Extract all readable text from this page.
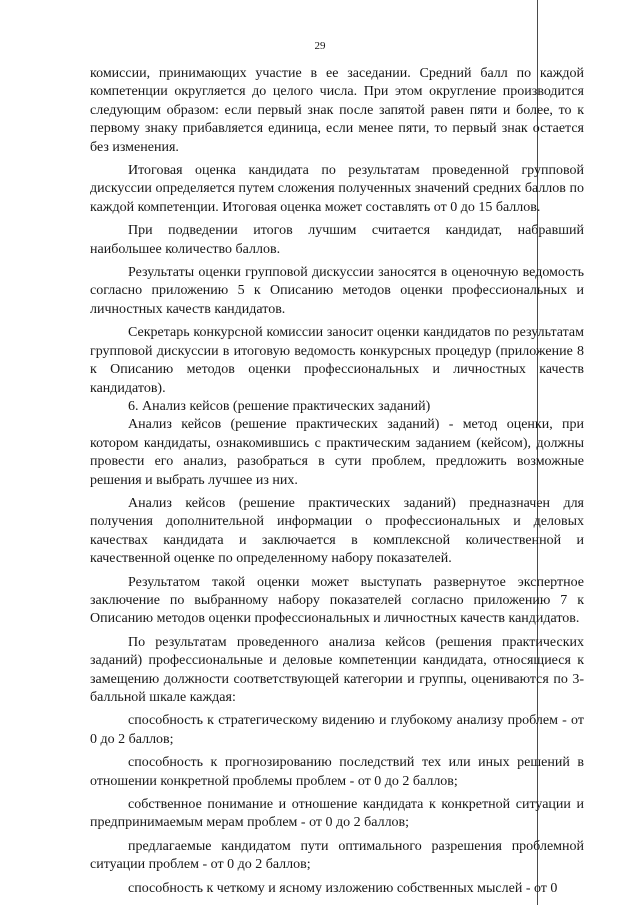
29

комиссии, принимающих участие в ее заседании. Средний балл по каждой компетенции округляется до целого числа. При этом округление производится следующим образом: если первый знак после запятой равен пяти и более, то к первому знаку прибавляется единица, если менее пяти, то первый знак остается без изменения.

Итоговая оценка кандидата по результатам проведенной групповой дискуссии определяется путем сложения полученных значений средних баллов по каждой компетенции. Итоговая оценка может составлять от 0 до 15 баллов.

При подведении итогов лучшим считается кандидат, набравший наибольшее количество баллов.

Результаты оценки групповой дискуссии заносятся в оценочную ведомость согласно приложению 5 к Описанию методов оценки профессиональных и личностных качеств кандидатов.

Секретарь конкурсной комиссии заносит оценки кандидатов по результатам групповой дискуссии в итоговую ведомость конкурсных процедур (приложение 8 к Описанию методов оценки профессиональных и личностных качеств кандидатов).

6. Анализ кейсов (решение практических заданий)

Анализ кейсов (решение практических заданий) - метод оценки, при котором кандидаты, ознакомившись с практическим заданием (кейсом), должны провести его анализ, разобраться в сути проблем, предложить возможные решения и выбрать лучшее из них.

Анализ кейсов (решение практических заданий) предназначен для получения дополнительной информации о профессиональных и деловых качествах кандидата и заключается в комплексной количественной и качественной оценке по определенному набору показателей.

Результатом такой оценки может выступать развернутое экспертное заключение по выбранному набору показателей согласно приложению 7 к Описанию методов оценки профессиональных и личностных качеств кандидатов.

По результатам проведенного анализа кейсов (решения практических заданий) профессиональные и деловые компетенции кандидата, относящиеся к замещению должности соответствующей категории и группы, оцениваются по 3-балльной шкале каждая:

способность к стратегическому видению и глубокому анализу проблем - от 0 до 2 баллов;

способность к прогнозированию последствий тех или иных решений в отношении конкретной проблемы проблем - от 0 до 2 баллов;

собственное понимание и отношение кандидата к конкретной ситуации и предпринимаемым мерам проблем - от 0 до 2 баллов;

предлагаемые кандидатом пути оптимального разрешения проблемной ситуации проблем - от 0 до 2 баллов;

способность к четкому и ясному изложению собственных мыслей - от 0
